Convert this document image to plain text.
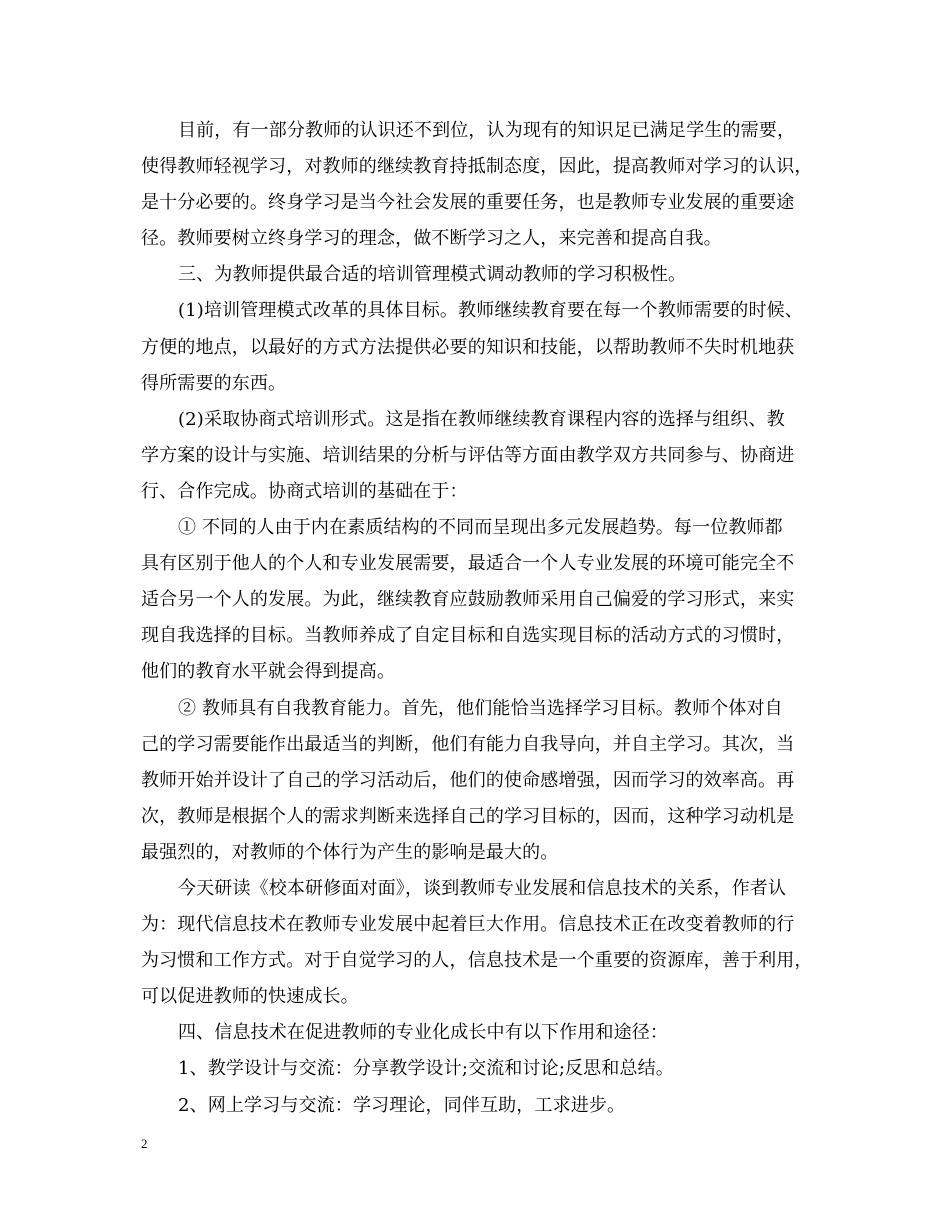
目前，有一部分教师的认识还不到位，认为现有的知识足已满足学生的需要，
使得教师轻视学习，对教师的继续教育持抵制态度，因此，提高教师对学习的认识，
是十分必要的。终身学习是当今社会发展的重要任务，也是教师专业发展的重要途
径。教师要树立终身学习的理念，做不断学习之人，来完善和提高自我。
三、为教师提供最合适的培训管理模式调动教师的学习积极性。
(1)培训管理模式改革的具体目标。教师继续教育要在每一个教师需要的时候、
方便的地点，以最好的方式方法提供必要的知识和技能，以帮助教师不失时机地获
得所需要的东西。
(2)采取协商式培训形式。这是指在教师继续教育课程内容的选择与组织、教
学方案的设计与实施、培训结果的分析与评估等方面由教学双方共同参与、协商进
行、合作完成。协商式培训的基础在于：
① 不同的人由于内在素质结构的不同而呈现出多元发展趋势。每一位教师都
具有区别于他人的个人和专业发展需要，最适合一个人专业发展的环境可能完全不
适合另一个人的发展。为此，继续教育应鼓励教师采用自己偏爱的学习形式，来实
现自我选择的目标。当教师养成了自定目标和自选实现目标的活动方式的习惯时，
他们的教育水平就会得到提高。
② 教师具有自我教育能力。首先，他们能恰当选择学习目标。教师个体对自
己的学习需要能作出最适当的判断，他们有能力自我导向，并自主学习。其次，当
教师开始并设计了自己的学习活动后，他们的使命感增强，因而学习的效率高。再
次，教师是根据个人的需求判断来选择自己的学习目标的，因而，这种学习动机是
最强烈的，对教师的个体行为产生的影响是最大的。
今天研读《校本研修面对面》，谈到教师专业发展和信息技术的关系，作者认
为：现代信息技术在教师专业发展中起着巨大作用。信息技术正在改变着教师的行
为习惯和工作方式。对于自觉学习的人，信息技术是一个重要的资源库，善于利用，
可以促进教师的快速成长。
四、信息技术在促进教师的专业化成长中有以下作用和途径：
1、教学设计与交流：分享教学设计;交流和讨论;反思和总结。
2、网上学习与交流：学习理论，同伴互助，工求进步。
2
